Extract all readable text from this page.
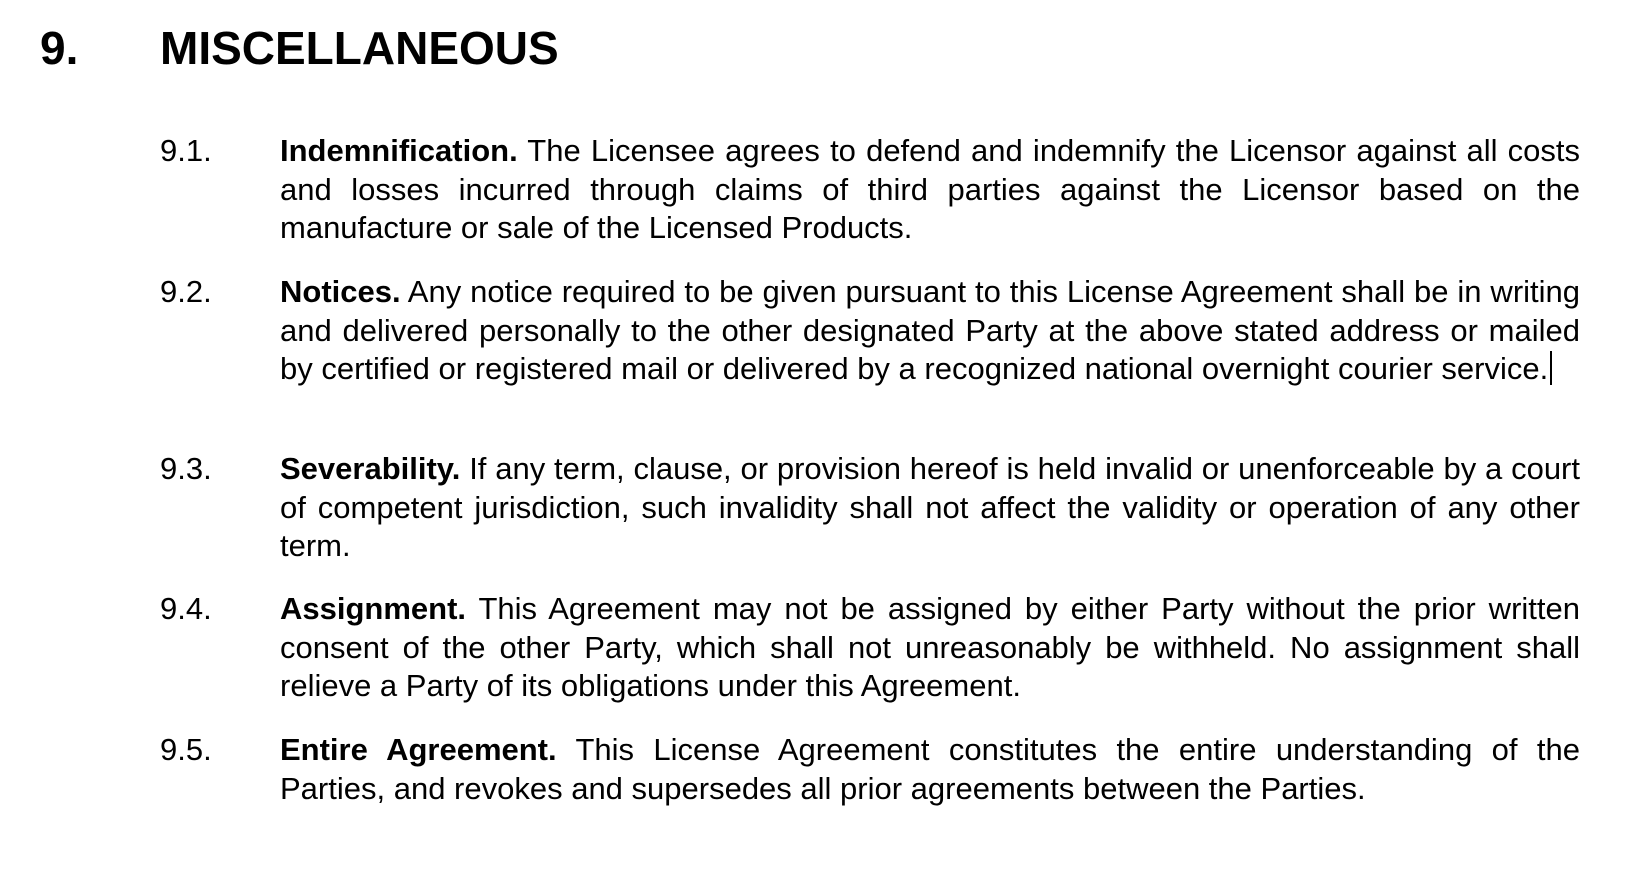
9. MISCELLANEOUS
9.1. Indemnification. The Licensee agrees to defend and indemnify the Licensor against all costs and losses incurred through claims of third parties against the Licensor based on the manufacture or sale of the Licensed Products.
9.2. Notices. Any notice required to be given pursuant to this License Agreement shall be in writing and delivered personally to the other designated Party at the above stated address or mailed by certified or registered mail or delivered by a recognized national overnight courier service.
9.3. Severability. If any term, clause, or provision hereof is held invalid or unenforceable by a court of competent jurisdiction, such invalidity shall not affect the validity or operation of any other term.
9.4. Assignment. This Agreement may not be assigned by either Party without the prior written consent of the other Party, which shall not unreasonably be withheld. No assignment shall relieve a Party of its obligations under this Agreement.
9.5. Entire Agreement. This License Agreement constitutes the entire understanding of the Parties, and revokes and supersedes all prior agreements between the Parties.
